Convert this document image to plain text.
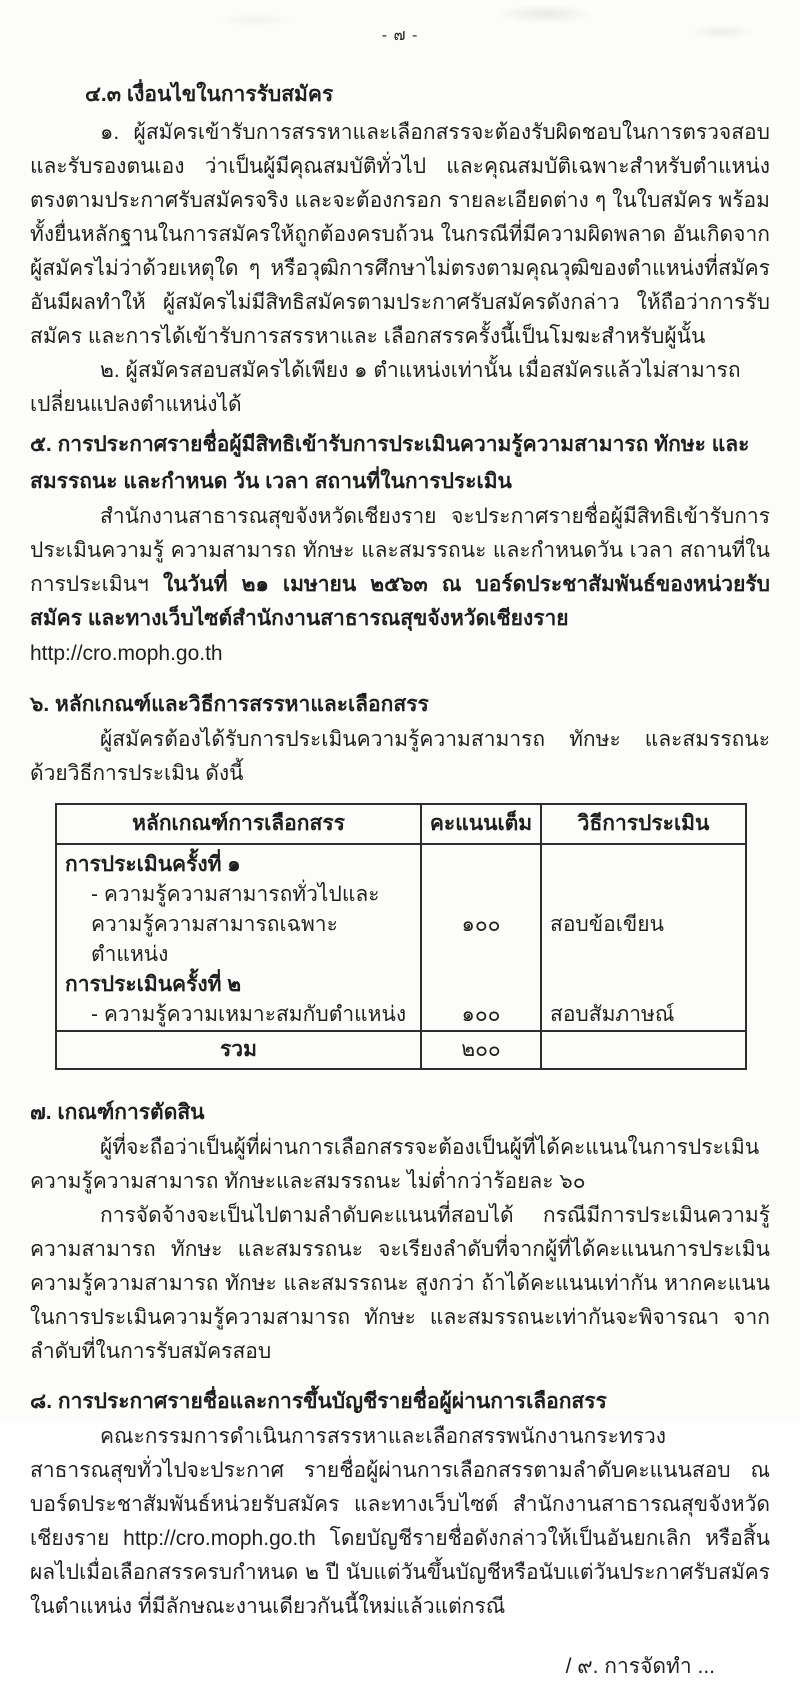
- ๗ -
๔.๓ เงื่อนไขในการรับสมัคร

๑. ผู้สมัครเข้ารับการสรรหาและเลือกสรรจะต้องรับผิดชอบในการตรวจสอบและรับรองตนเอง ว่าเป็นผู้มีคุณสมบัติทั่วไป และคุณสมบัติเฉพาะสำหรับตำแหน่งตรงตามประกาศรับสมัครจริง และจะต้องกรอก รายละเอียดต่าง ๆ ในใบสมัคร พร้อมทั้งยื่นหลักฐานในการสมัครให้ถูกต้องครบถ้วน ในกรณีที่มีความผิดพลาด อันเกิดจากผู้สมัครไม่ว่าด้วยเหตุใด ๆ หรือวุฒิการศึกษาไม่ตรงตามคุณวุฒิของตำแหน่งที่สมัคร อันมีผลทำให้ ผู้สมัครไม่มีสิทธิสมัครตามประกาศรับสมัครดังกล่าว ให้ถือว่าการรับสมัคร และการได้เข้ารับการสรรหาและ เลือกสรรครั้งนี้เป็นโมฆะสำหรับผู้นั้น

๒. ผู้สมัครสอบสมัครได้เพียง ๑ ตำแหน่งเท่านั้น เมื่อสมัครแล้วไม่สามารถเปลี่ยนแปลงตำแหน่งได้

๕. การประกาศรายชื่อผู้มีสิทธิเข้ารับการประเมินความรู้ความสามารถ ทักษะ และสมรรถนะ และกำหนด วัน เวลา สถานที่ในการประเมิน

สำนักงานสาธารณสุขจังหวัดเชียงราย จะประกาศรายชื่อผู้มีสิทธิเข้ารับการประเมินความรู้ ความสามารถ ทักษะ และสมรรถนะ และกำหนดวัน เวลา สถานที่ในการประเมินฯ ในวันที่ ๒๑ เมษายน ๒๕๖๓ ณ บอร์ดประชาสัมพันธ์ของหน่วยรับสมัคร และทางเว็บไซต์สำนักงานสาธารณสุขจังหวัดเชียงราย

http://cro.moph.go.th

๖. หลักเกณฑ์และวิธีการสรรหาและเลือกสรร

ผู้สมัครต้องได้รับการประเมินความรู้ความสามารถ ทักษะ และสมรรถนะ ด้วยวิธีการประเมิน ดังนี้

หลักเกณฑ์การเลือกสรร	คะแนนเต็ม	วิธีการประเมิน
การประเมินครั้งที่ ๑		
- ความรู้ความสามารถทั่วไปและความรู้ความสามารถเฉพาะตำแหน่ง	๑๐๐	สอบข้อเขียน
การประเมินครั้งที่ ๒		
- ความรู้ความเหมาะสมกับตำแหน่ง	๑๐๐	สอบสัมภาษณ์
รวม	๒๐๐	
๗. เกณฑ์การตัดสิน

ผู้ที่จะถือว่าเป็นผู้ที่ผ่านการเลือกสรรจะต้องเป็นผู้ที่ได้คะแนนในการประเมินความรู้ความสามารถ ทักษะและสมรรถนะ ไม่ต่ำกว่าร้อยละ ๖๐

การจัดจ้างจะเป็นไปตามลำดับคะแนนที่สอบได้ กรณีมีการประเมินความรู้ความสามารถ ทักษะ และสมรรถนะ จะเรียงลำดับที่จากผู้ที่ได้คะแนนการประเมินความรู้ความสามารถ ทักษะ และสมรรถนะ สูงกว่า ถ้าได้คะแนนเท่ากัน หากคะแนนในการประเมินความรู้ความสามารถ ทักษะ และสมรรถนะเท่ากันจะพิจารณา จากลำดับที่ในการรับสมัครสอบ

๘. การประกาศรายชื่อและการขึ้นบัญชีรายชื่อผู้ผ่านการเลือกสรร

คณะกรรมการดำเนินการสรรหาและเลือกสรรพนักงานกระทรวงสาธารณสุขทั่วไปจะประกาศ รายชื่อผู้ผ่านการเลือกสรรตามลำดับคะแนนสอบ ณ บอร์ดประชาสัมพันธ์หน่วยรับสมัคร และทางเว็บไซต์ สำนักงานสาธารณสุขจังหวัดเชียงราย http://cro.moph.go.th โดยบัญชีรายชื่อดังกล่าวให้เป็นอันยกเลิก หรือสิ้นผลไปเมื่อเลือกสรรครบกำหนด ๒ ปี นับแต่วันขึ้นบัญชีหรือนับแต่วันประกาศรับสมัครในตำแหน่ง ที่มีลักษณะงานเดียวกันนี้ใหม่แล้วแต่กรณี

/ ๙. การจัดทำ ...
